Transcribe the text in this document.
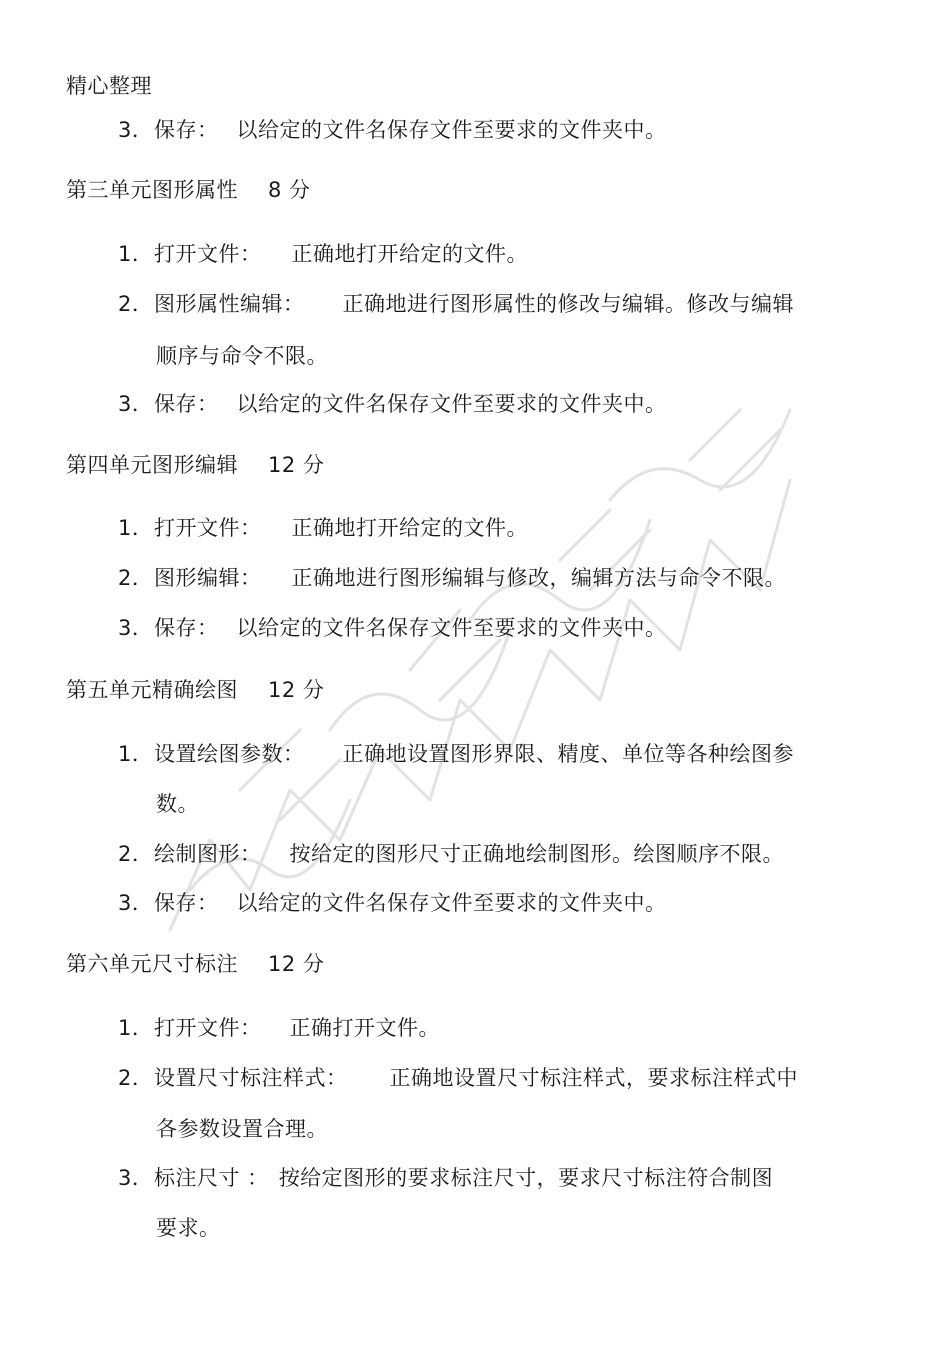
精心整理
3．保存： 以给定的文件名保存文件至要求的文件夹中。
第三单元图形属性 8 分
1．打开文件： 正确地打开给定的文件。
2．图形属性编辑： 正确地进行图形属性的修改与编辑。修改与编辑
顺序与命令不限。
3．保存： 以给定的文件名保存文件至要求的文件夹中。
第四单元图形编辑 12 分
1．打开文件： 正确地打开给定的文件。
2．图形编辑： 正确地进行图形编辑与修改，编辑方法与命令不限。
3．保存： 以给定的文件名保存文件至要求的文件夹中。
第五单元精确绘图 12 分
1．设置绘图参数： 正确地设置图形界限、精度、单位等各种绘图参
数。
2．绘制图形： 按给定的图形尺寸正确地绘制图形。绘图顺序不限。
3．保存： 以给定的文件名保存文件至要求的文件夹中。
第六单元尺寸标注 12 分
1．打开文件： 正确打开文件。
2．设置尺寸标注样式： 正确地设置尺寸标注样式，要求标注样式中
各参数设置合理。
3．标注尺寸 ： 按给定图形的要求标注尺寸，要求尺寸标注符合制图
要求。
